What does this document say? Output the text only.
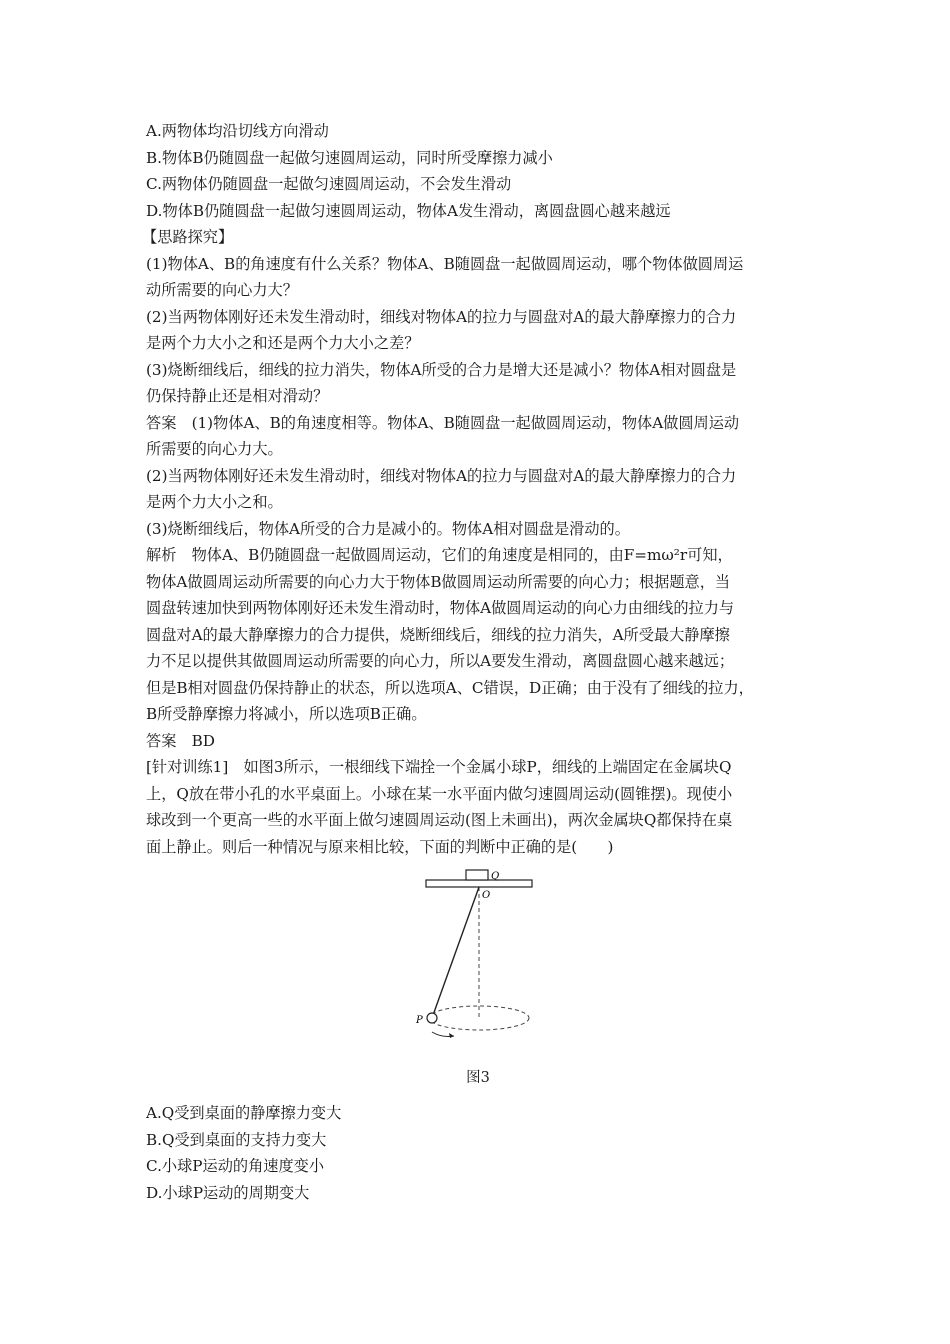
A.两物体均沿切线方向滑动
B.物体B仍随圆盘一起做匀速圆周运动，同时所受摩擦力减小
C.两物体仍随圆盘一起做匀速圆周运动，不会发生滑动
D.物体B仍随圆盘一起做匀速圆周运动，物体A发生滑动，离圆盘圆心越来越远
【思路探究】
(1)物体A、B的角速度有什么关系？物体A、B随圆盘一起做圆周运动，哪个物体做圆周运
动所需要的向心力大？
(2)当两物体刚好还未发生滑动时，细线对物体A的拉力与圆盘对A的最大静摩擦力的合力
是两个力大小之和还是两个力大小之差？
(3)烧断细线后，细线的拉力消失，物体A所受的合力是增大还是减小？物体A相对圆盘是
仍保持静止还是相对滑动？
答案　(1)物体A、B的角速度相等。物体A、B随圆盘一起做圆周运动，物体A做圆周运动
所需要的向心力大。
(2)当两物体刚好还未发生滑动时，细线对物体A的拉力与圆盘对A的最大静摩擦力的合力
是两个力大小之和。
(3)烧断细线后，物体A所受的合力是减小的。物体A相对圆盘是滑动的。
解析　物体A、B仍随圆盘一起做圆周运动，它们的角速度是相同的，由F=mω²r可知，
物体A做圆周运动所需要的向心力大于物体B做圆周运动所需要的向心力；根据题意，当
圆盘转速加快到两物体刚好还未发生滑动时，物体A做圆周运动的向心力由细线的拉力与
圆盘对A的最大静摩擦力的合力提供，烧断细线后，细线的拉力消失，A所受最大静摩擦
力不足以提供其做圆周运动所需要的向心力，所以A要发生滑动，离圆盘圆心越来越远；
但是B相对圆盘仍保持静止的状态，所以选项A、C错误，D正确；由于没有了细线的拉力，
B所受静摩擦力将减小，所以选项B正确。
答案　BD
[针对训练1]　如图3所示，一根细线下端拴一个金属小球P，细线的上端固定在金属块Q
上，Q放在带小孔的水平桌面上。小球在某一水平面内做匀速圆周运动(圆锥摆)。现使小
球改到一个更高一些的水平面上做匀速圆周运动(图上未画出)，两次金属块Q都保持在桌
面上静止。则后一种情况与原来相比较，下面的判断中正确的是(　　)
Q
O
P
图3
A.Q受到桌面的静摩擦力变大
B.Q受到桌面的支持力变大
C.小球P运动的角速度变小
D.小球P运动的周期变大
